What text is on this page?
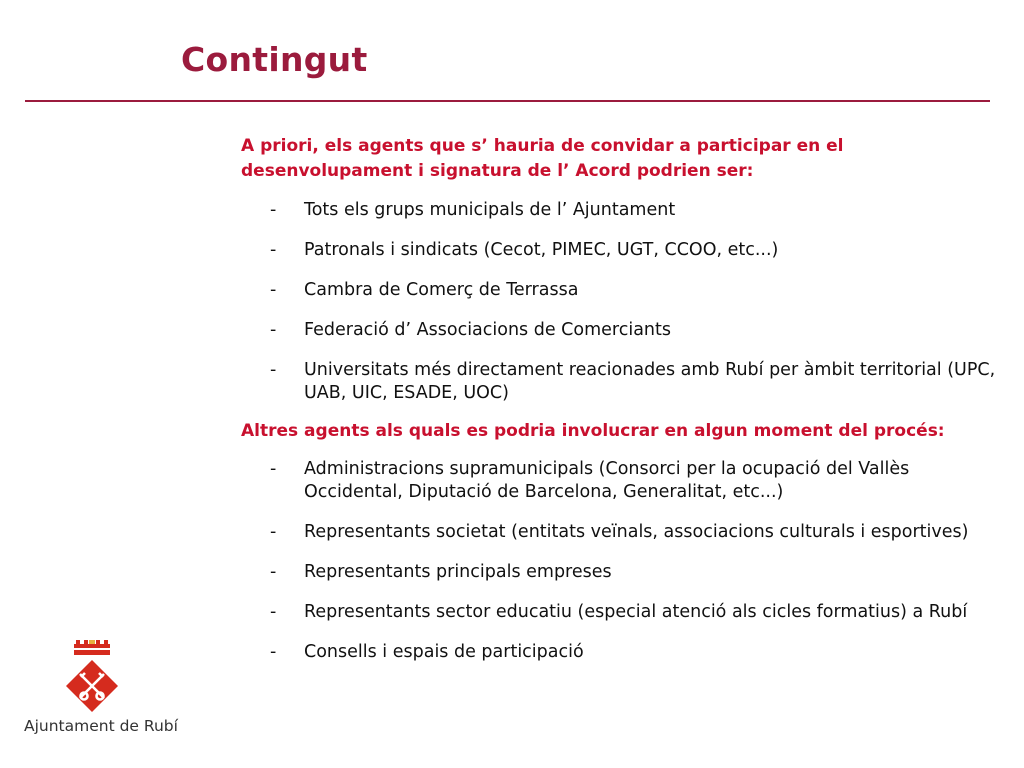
Contingut

A priori, els agents que s’ hauria de convidar a participar en el desenvolupament i signatura de l’ Acord podrien ser:

- Tots els grups municipals de l’ Ajuntament
- Patronals i sindicats (Cecot, PIMEC, UGT, CCOO, etc...)
- Cambra de Comerç de Terrassa
- Federació d’ Associacions de Comerciants
- Universitats més directament reacionades amb Rubí per àmbit territorial (UPC, UAB, UIC, ESADE, UOC)

Altres agents als quals es podria involucrar en algun moment del procés:

- Administracions supramunicipals (Consorci per la ocupació del Vallès Occidental, Diputació de Barcelona, Generalitat, etc...)
- Representants societat (entitats veïnals, associacions culturals i esportives)
- Representants principals empreses
- Representants sector educatiu (especial atenció als cicles formatius) a Rubí
- Consells i espais de participació
Ajuntament de Rubí
